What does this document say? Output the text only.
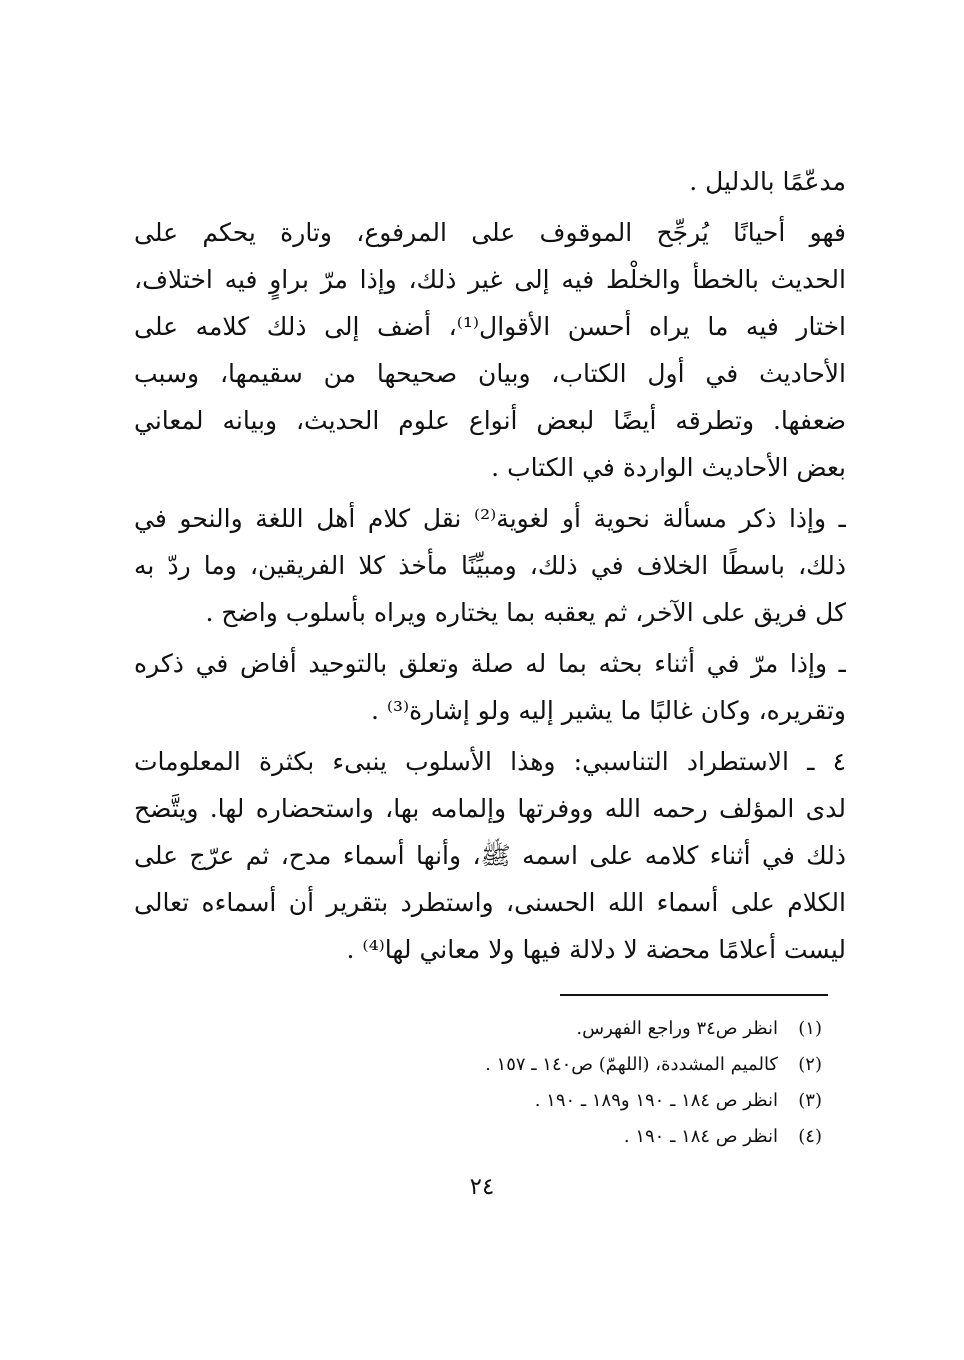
مدعّمًا بالدليل .
فهو أحيانًا يُرجِّح الموقوف على المرفوع، وتارة يحكم على
الحديث بالخطأ والخلْط فيه إلى غير ذلك، وإذا مرّ براوٍ فيه اختلاف،
اختار فيه ما يراه أحسن الأقوال⁽¹⁾، أضف إلى ذلك كلامه على
الأحاديث في أول الكتاب، وبيان صحيحها من سقيمها، وسبب
ضعفها. وتطرقه أيضًا لبعض أنواع علوم الحديث، وبيانه لمعاني
بعض الأحاديث الواردة في الكتاب .
ـ وإذا ذكر مسألة نحوية أو لغوية⁽²⁾ نقل كلام أهل اللغة والنحو في
ذلك، باسطًا الخلاف في ذلك، ومبيِّنًا مأخذ كلا الفريقين، وما ردّ به
كل فريق على الآخر، ثم يعقبه بما يختاره ويراه بأسلوب واضح .
ـ وإذا مرّ في أثناء بحثه بما له صلة وتعلق بالتوحيد أفاض في ذكره
وتقريره، وكان غالبًا ما يشير إليه ولو إشارة⁽³⁾ .
٤ ـ الاستطراد التناسبي: وهذا الأسلوب ينبىء بكثرة المعلومات
لدى المؤلف رحمه الله ووفرتها وإلمامه بها، واستحضاره لها. ويتَّضح
ذلك في أثناء كلامه على اسمه ﷺ، وأنها أسماء مدح، ثم عرّج على
الكلام على أسماء الله الحسنى، واستطرد بتقرير أن أسماءه تعالى
ليست أعلامًا محضة لا دلالة فيها ولا معاني لها⁽⁴⁾ .
(١)انظر ص٣٤ وراجع الفهرس.
(٢)كالميم المشددة، (اللهمّ) ص١٤٠ ـ ١٥٧ .
(٣)انظر ص ١٨٤ ـ ١٩٠ و١٨٩ ـ ١٩٠ .
(٤)انظر ص ١٨٤ ـ ١٩٠ .
٢٤
